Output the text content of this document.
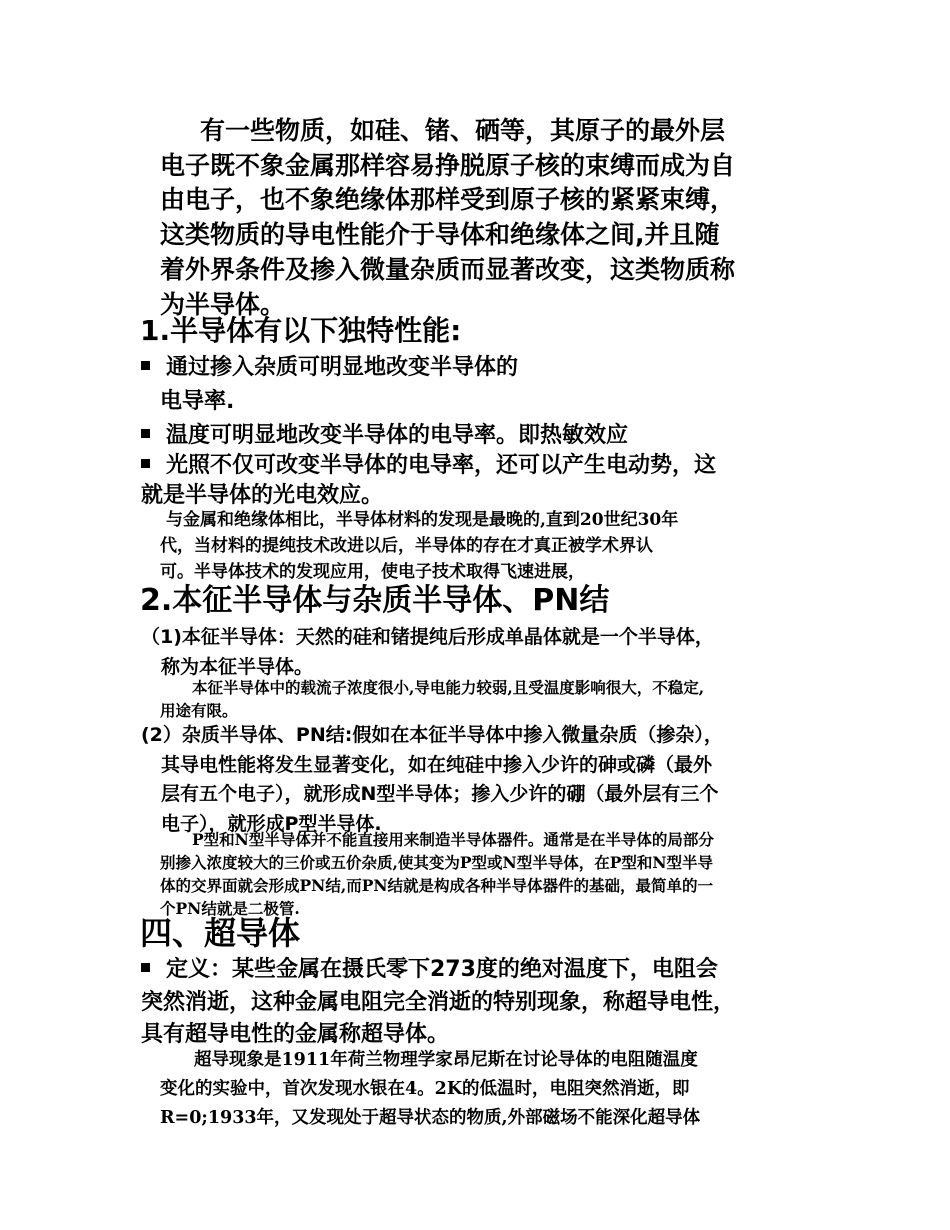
有一些物质，如硅、锗、硒等，其原子的最外层
电子既不象金属那样容易挣脱原子核的束缚而成为自
由电子，也不象绝缘体那样受到原子核的紧紧束缚，
这类物质的导电性能介于导体和绝缘体之间,并且随
着外界条件及掺入微量杂质而显著改变，这类物质称
为半导体。
1.半导体有以下独特性能:
通过掺入杂质可明显地改变半导体的
电导率.
温度可明显地改变半导体的电导率。即热敏效应
光照不仅可改变半导体的电导率，还可以产生电动势，这
就是半导体的光电效应。
与金属和绝缘体相比，半导体材料的发现是最晚的,直到20世纪30年
代，当材料的提纯技术改进以后，半导体的存在才真正被学术界认
可。半导体技术的发现应用，使电子技术取得飞速进展，
2.本征半导体与杂质半导体、PN结
（1)本征半导体：天然的硅和锗提纯后形成单晶体就是一个半导体，
称为本征半导体。
本征半导体中的载流子浓度很小,导电能力较弱,且受温度影响很大，不稳定,
用途有限。
(2）杂质半导体、PN结:假如在本征半导体中掺入微量杂质（掺杂），
其导电性能将发生显著变化，如在纯硅中掺入少许的砷或磷（最外
层有五个电子），就形成N型半导体；掺入少许的硼（最外层有三个
电子），就形成P型半导体.
P型和N型半导体并不能直接用来制造半导体器件。通常是在半导体的局部分
别掺入浓度较大的三价或五价杂质,使其变为P型或N型半导体，在P型和N型半导
体的交界面就会形成PN结,而PN结就是构成各种半导体器件的基础，最简单的一
个PN结就是二极管.
四、超导体
定义：某些金属在摄氏零下273度的绝对温度下，电阻会
突然消逝，这种金属电阻完全消逝的特别现象，称超导电性，
具有超导电性的金属称超导体。
超导现象是1911年荷兰物理学家昂尼斯在讨论导体的电阻随温度
变化的实验中，首次发现水银在4。2K的低温时，电阻突然消逝，即
R=0;1933年，又发现处于超导状态的物质,外部磁场不能深化超导体
